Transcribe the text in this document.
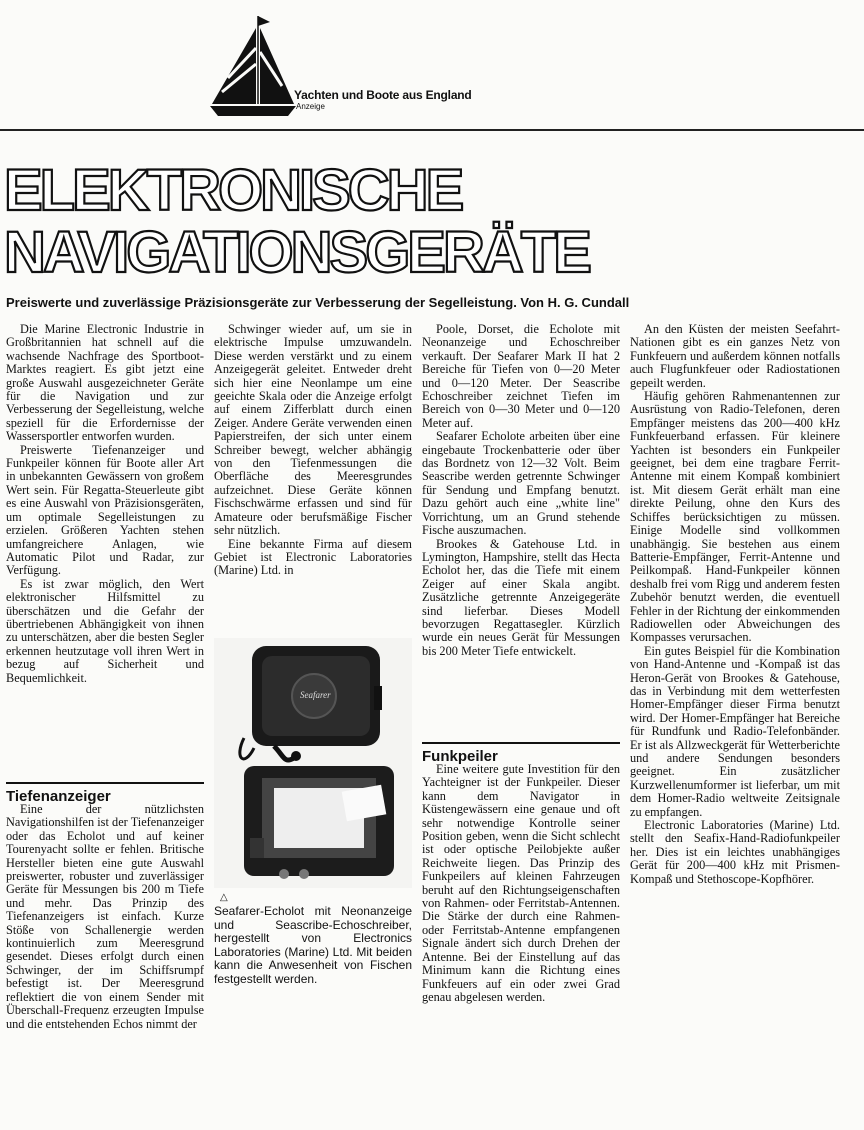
Yachten und Boote aus England
Anzeige
ELEKTRONISCHE
NAVIGATIONSGERÄTE
Preiswerte und zuverlässige Präzisionsgeräte zur Verbesserung der Segelleistung. Von H. G. Cundall

Die Marine Electronic Industrie in Großbritannien hat schnell auf die wachsende Nachfrage des Sportboot-Marktes reagiert. Es gibt jetzt eine große Auswahl ausgezeichneter Geräte für die Navigation und zur Verbesserung der Segelleistung, welche speziell für die Erfordernisse der Wassersportler entworfen wurden.

Preiswerte Tiefenanzeiger und Funkpeiler können für Boote aller Art in unbekannten Gewässern von großem Wert sein. Für Regatta-Steuerleute gibt es eine Auswahl von Präzisionsgeräten, um optimale Segelleistungen zu erzielen. Größeren Yachten stehen umfangreichere Anlagen, wie Automatic Pilot und Radar, zur Verfügung.

Es ist zwar möglich, den Wert elektronischer Hilfsmittel zu überschätzen und die Gefahr der übertriebenen Abhängigkeit von ihnen zu unterschätzen, aber die besten Segler erkennen heutzutage voll ihren Wert in bezug auf Sicherheit und Bequemlichkeit.

Tiefenanzeiger

Eine der nützlichsten Navigationshilfen ist der Tiefenanzeiger oder das Echolot und auf keiner Tourenyacht sollte er fehlen. Britische Hersteller bieten eine gute Auswahl preiswerter, robuster und zuverlässiger Geräte für Messungen bis 200 m Tiefe und mehr. Das Prinzip des Tiefenanzeigers ist einfach. Kurze Stöße von Schallenergie werden kontinuierlich zum Meeresgrund gesendet. Dieses erfolgt durch einen Schwinger, der im Schiffsrumpf befestigt ist. Der Meeresgrund reflektiert die von einem Sender mit Überschall-Frequenz erzeugten Impulse und die entstehenden Echos nimmt der

Schwinger wieder auf, um sie in elektrische Impulse umzuwandeln. Diese werden verstärkt und zu einem Anzeigegerät geleitet. Entweder dreht sich hier eine Neonlampe um eine geeichte Skala oder die Anzeige erfolgt auf einem Zifferblatt durch einen Zeiger. Andere Geräte verwenden einen Papierstreifen, der sich unter einem Schreiber bewegt, welcher abhängig von den Tiefenmessungen die Oberfläche des Meeresgrundes aufzeichnet. Diese Geräte können Fischschwärme erfassen und sind für Amateure oder berufsmäßige Fischer sehr nützlich.

Eine bekannte Firma auf diesem Gebiet ist Electronic Laboratories (Marine) Ltd. in

Seafarer
△
Seafarer-Echolot mit Neonanzeige und Seascribe-Echoschreiber, hergestellt von Electronics Laboratories (Marine) Ltd. Mit beiden kann die Anwesenheit von Fischen festgestellt werden.

Poole, Dorset, die Echolote mit Neonanzeige und Echoschreiber verkauft. Der Seafarer Mark II hat 2 Bereiche für Tiefen von 0—20 Meter und 0—120 Meter. Der Seascribe Echoschreiber zeichnet Tiefen im Bereich von 0—30 Meter und 0—120 Meter auf.

Seafarer Echolote arbeiten über eine eingebaute Trockenbatterie oder über das Bordnetz von 12—32 Volt. Beim Seascribe werden getrennte Schwinger für Sendung und Empfang benutzt. Dazu gehört auch eine „white line" Vorrichtung, um an Grund stehende Fische auszumachen.

Brookes & Gatehouse Ltd. in Lymington, Hampshire, stellt das Hecta Echolot her, das die Tiefe mit einem Zeiger auf einer Skala angibt. Zusätzliche getrennte Anzeigegeräte sind lieferbar. Dieses Modell bevorzugen Regattasegler. Kürzlich wurde ein neues Gerät für Messungen bis 200 Meter Tiefe entwickelt.

Funkpeiler

Eine weitere gute Investition für den Yachteigner ist der Funkpeiler. Dieser kann dem Navigator in Küstengewässern eine genaue und oft sehr notwendige Kontrolle seiner Position geben, wenn die Sicht schlecht ist oder optische Peilobjekte außer Reichweite liegen. Das Prinzip des Funkpeilers auf kleinen Fahrzeugen beruht auf den Richtungseigenschaften von Rahmen- oder Ferritstab-Antennen. Die Stärke der durch eine Rahmen- oder Ferritstab-Antenne empfangenen Signale ändert sich durch Drehen der Antenne. Bei der Einstellung auf das Minimum kann die Richtung eines Funkfeuers auf ein oder zwei Grad genau abgelesen werden.

An den Küsten der meisten Seefahrt-Nationen gibt es ein ganzes Netz von Funkfeuern und außerdem können notfalls auch Flugfunkfeuer oder Radiostationen gepeilt werden.

Häufig gehören Rahmenantennen zur Ausrüstung von Radio-Telefonen, deren Empfänger meistens das 200—400 kHz Funkfeuerband erfassen. Für kleinere Yachten ist besonders ein Funkpeiler geeignet, bei dem eine tragbare Ferrit-Antenne mit einem Kompaß kombiniert ist. Mit diesem Gerät erhält man eine direkte Peilung, ohne den Kurs des Schiffes berücksichtigen zu müssen. Einige Modelle sind vollkommen unabhängig. Sie bestehen aus einem Batterie-Empfänger, Ferrit-Antenne und Peilkompaß. Hand-Funkpeiler können deshalb frei vom Rigg und anderem festen Zubehör benutzt werden, die eventuell Fehler in der Richtung der einkommenden Radiowellen oder Abweichungen des Kompasses verursachen.

Ein gutes Beispiel für die Kombination von Hand-Antenne und -Kompaß ist das Heron-Gerät von Brookes & Gatehouse, das in Verbindung mit dem wetterfesten Homer-Empfänger dieser Firma benutzt wird. Der Homer-Empfänger hat Bereiche für Rundfunk und Radio-Telefonbänder. Er ist als Allzweckgerät für Wetterberichte und andere Sendungen besonders geeignet. Ein zusätzlicher Kurzwellenumformer ist lieferbar, um mit dem Homer-Radio weltweite Zeitsignale zu empfangen.

Electronic Laboratories (Marine) Ltd. stellt den Seafix-Hand-Radiofunkpeiler her. Dies ist ein leichtes unabhängiges Gerät für 200—400 kHz mit Prismen-Kompaß und Stethoscope-Kopfhörer.
